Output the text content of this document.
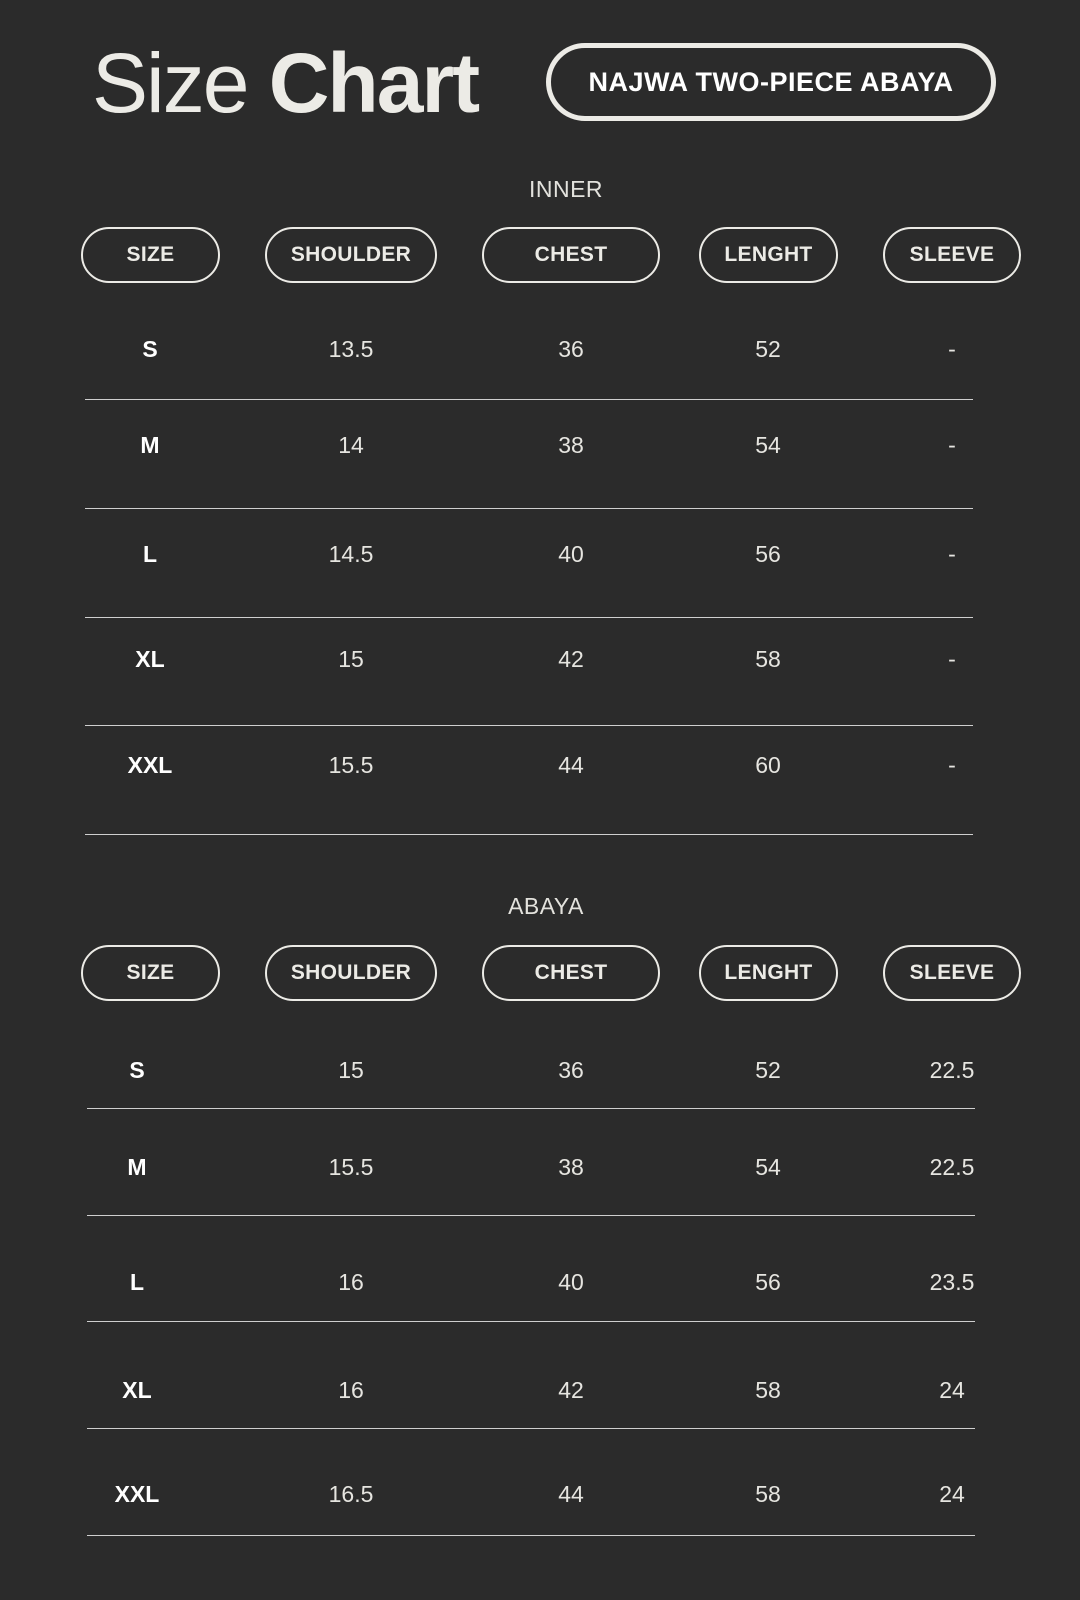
Size Chart	NAJWA TWO-PIECE ABAYA
INNER
SIZE	SHOULDER	CHEST	LENGHT	SLEEVE
S	13.5	36	52	-
M	14	38	54	-
L	14.5	40	56	-
XL	15	42	58	-
XXL	15.5	44	60	-
ABAYA
SIZE	SHOULDER	CHEST	LENGHT	SLEEVE
S	15	36	52	22.5
M	15.5	38	54	22.5
L	16	40	56	23.5
XL	16	42	58	24
XXL	16.5	44	58	24
